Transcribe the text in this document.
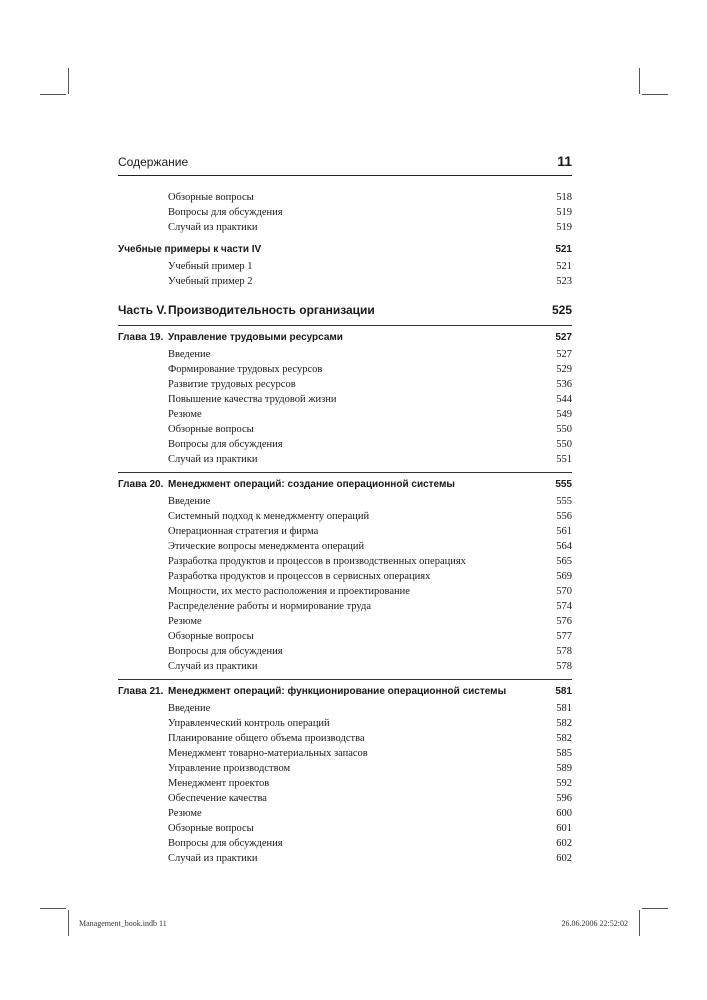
Содержание	11
Обзорные вопросы	518
Вопросы для обсуждения	519
Случай из практики	519
Учебные примеры к части IV	521
Учебный пример 1	521
Учебный пример 2	523
Часть V. Производительность организации	525
Глава 19. Управление трудовыми ресурсами	527
Введение	527
Формирование трудовых ресурсов	529
Развитие трудовых ресурсов	536
Повышение качества трудовой жизни	544
Резюме	549
Обзорные вопросы	550
Вопросы для обсуждения	550
Случай из практики	551
Глава 20. Менеджмент операций: создание операционной системы	555
Введение	555
Системный подход к менеджменту операций	556
Операционная стратегия и фирма	561
Этические вопросы менеджмента операций	564
Разработка продуктов и процессов в производственных операциях	565
Разработка продуктов и процессов в сервисных операциях	569
Мощности, их место расположения и проектирование	570
Распределение работы и нормирование труда	574
Резюме	576
Обзорные вопросы	577
Вопросы для обсуждения	578
Случай из практики	578
Глава 21. Менеджмент операций: функционирование операционной системы	581
Введение	581
Управленческий контроль операций	582
Планирование общего объема производства	582
Менеджмент товарно-материальных запасов	585
Управление производством	589
Менеджмент проектов	592
Обеспечение качества	596
Резюме	600
Обзорные вопросы	601
Вопросы для обсуждения	602
Случай из практики	602
Management_book.indb 11	26.06.2006 22:52:02
